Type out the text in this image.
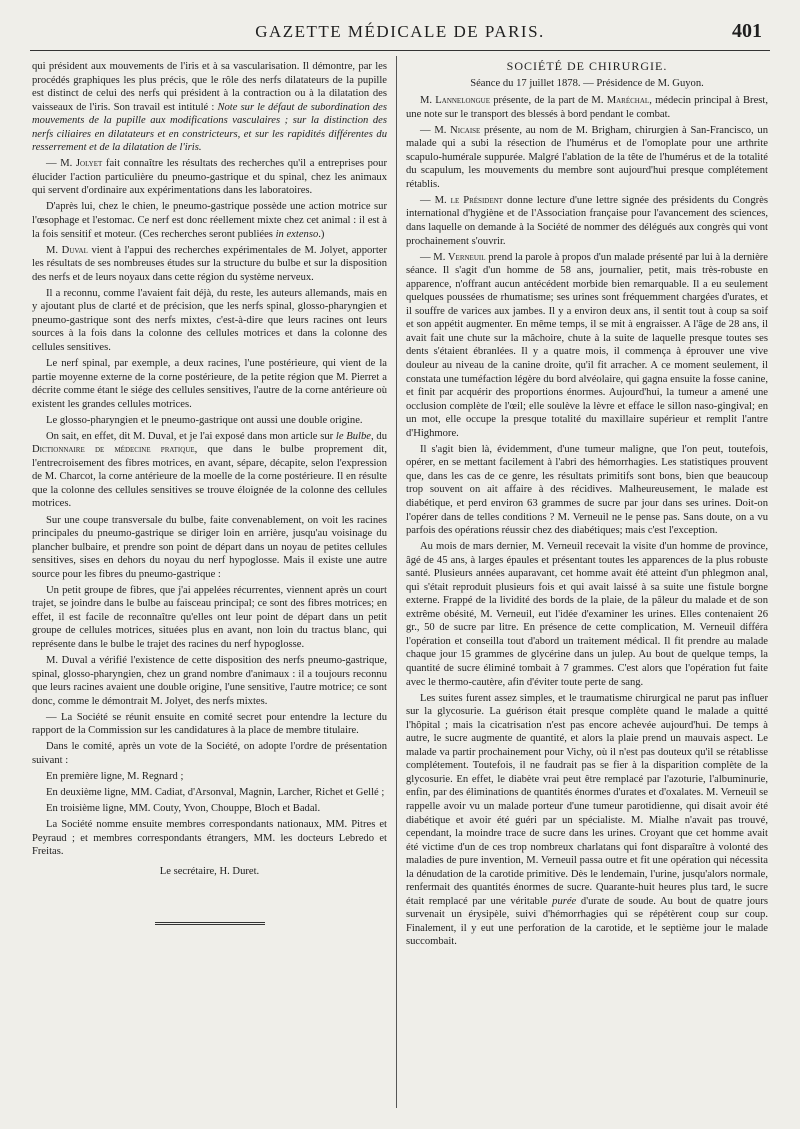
GAZETTE MÉDICALE DE PARIS.	401

qui président aux mouvements de l'iris et à sa vascularisation. Il démontre, par les procédés graphiques les plus précis, que le rôle des nerfs dilatateurs de la pupille est distinct de celui des nerfs qui président à la contraction ou à la dilatation des vaisseaux de l'iris. Son travail est intitulé : Note sur le défaut de subordination des mouvements de la pupille aux modifications vasculaires ; sur la distinction des nerfs ciliaires en dilatateurs et en constricteurs, et sur les rapidités différentes du resserrement et de la dilatation de l'iris.

— M. Jolyet fait connaître les résultats des recherches qu'il a entreprises pour élucider l'action particulière du pneumo-gastrique et du spinal, chez les animaux qui servent d'ordinaire aux expérimentations dans les laboratoires.

D'après lui, chez le chien, le pneumo-gastrique possède une action motrice sur l'œsophage et l'estomac. Ce nerf est donc réellement mixte chez cet animal : il est à la fois sensitif et moteur. (Ces recherches seront publiées in extenso.)

M. Duval vient à l'appui des recherches expérimentales de M. Jolyet, apporter les résultats de ses nombreuses études sur la structure du bulbe et sur la disposition des nerfs et de leurs noyaux dans cette région du système nerveux.

Il a reconnu, comme l'avaient fait déjà, du reste, les auteurs allemands, mais en y ajoutant plus de clarté et de précision, que les nerfs spinal, glosso-pharyngien et pneumo-gastrique sont des nerfs mixtes, c'est-à-dire que leurs racines ont leurs sources à la fois dans la colonne des cellules motrices et dans la colonne des cellules sensitives.

Le nerf spinal, par exemple, a deux racines, l'une postérieure, qui vient de la partie moyenne externe de la corne postérieure, de la petite région que M. Pierret a décrite comme étant le siége des cellules sensitives, l'autre de la corne antérieure où existent les grandes cellules motrices.

Le glosso-pharyngien et le pneumo-gastrique ont aussi une double origine.

On sait, en effet, dit M. Duval, et je l'ai exposé dans mon article sur le Bulbe, du Dictionnaire de médecine pratique, que dans le bulbe proprement dit, l'entrecroisement des fibres motrices, en avant, sépare, décapite, selon l'expression de M. Charcot, la corne antérieure de la moelle de la corne postérieure. Il en résulte que la colonne des cellules sensitives se trouve éloignée de la colonne des cellules motrices.

Sur une coupe transversale du bulbe, faite convenablement, on voit les racines principales du pneumo-gastrique se diriger loin en arrière, jusqu'au voisinage du plancher bulbaire, et prendre son point de départ dans un noyau de petites cellules sensitives, sises en dehors du noyau du nerf hypoglosse. Mais il existe une autre source pour les fibres du pneumo-gastrique :

Un petit groupe de fibres, que j'ai appelées récurrentes, viennent après un court trajet, se joindre dans le bulbe au faisceau principal; ce sont des fibres motrices; en effet, il est facile de reconnaître qu'elles ont leur point de départ dans un petit groupe de cellules motrices, situées plus en avant, non loin du tractus blanc, qui représente dans le bulbe le trajet des racines du nerf hypoglosse.

M. Duval a vérifié l'existence de cette disposition des nerfs pneumo-gastrique, spinal, glosso-pharyngien, chez un grand nombre d'animaux : il a toujours reconnu que leurs racines avaient une double origine, l'une sensitive, l'autre motrice; ce sont donc, comme le démontrait M. Jolyet, des nerfs mixtes.

— La Société se réunit ensuite en comité secret pour entendre la lecture du rapport de la Commission sur les candidatures à la place de membre titulaire.

Dans le comité, après un vote de la Société, on adopte l'ordre de présentation suivant :

En première ligne, M. Regnard ;

En deuxième ligne, MM. Cadiat, d'Arsonval, Magnin, Larcher, Richet et Gellé ;

En troisième ligne, MM. Couty, Yvon, Chouppe, Bloch et Badal.

La Société nomme ensuite membres correspondants nationaux, MM. Pitres et Peyraud ; et membres correspondants étrangers, MM. les docteurs Lebredo et Freitas.

Le secrétaire, H. Duret.

SOCIÉTÉ DE CHIRURGIE.

Séance du 17 juillet 1878. — Présidence de M. Guyon.

M. Lannelongue présente, de la part de M. Maréchal, médecin principal à Brest, une note sur le transport des blessés à bord pendant le combat.

— M. Nicaise présente, au nom de M. Brigham, chirurgien à San-Francisco, un malade qui a subi la résection de l'humérus et de l'omoplate pour une arthrite scapulo-humérale suppurée. Malgré l'ablation de la tête de l'humérus et de la totalité du scapulum, les mouvements du membre sont aujourd'hui presque complétement rétablis.

— M. le Président donne lecture d'une lettre signée des présidents du Congrès international d'hygiène et de l'Association française pour l'avancement des sciences, dans laquelle on demande à la Société de nommer des délégués aux congrès qui vont prochainement s'ouvrir.

— M. Verneuil prend la parole à propos d'un malade présenté par lui à la dernière séance. Il s'agit d'un homme de 58 ans, journalier, petit, mais très-robuste en apparence, n'offrant aucun antécédent morbide bien remarquable. Il a eu seulement quelques poussées de rhumatisme; ses urines sont fréquemment chargées d'urates, et il souffre de varices aux jambes. Il y a environ deux ans, il sentit tout à coup sa soif et son appétit augmenter. En même temps, il se mit à engraisser. A l'âge de 28 ans, il avait fait une chute sur la mâchoire, chute à la suite de laquelle presque toutes ses dents s'étaient ébranlées. Il y a quatre mois, il commença à éprouver une vive douleur au niveau de la canine droite, qu'il fit arracher. A ce moment seulement, il constata une tuméfaction légère du bord alvéolaire, qui gagna ensuite la fosse canine, et finit par acquérir des proportions énormes. Aujourd'hui, la tumeur a amené une occlusion complète de l'œil; elle soulève la lèvre et efface le sillon naso-gingival; en un mot, elle occupe la presque totalité du maxillaire supérieur et remplit l'antre d'Highmore.

Il s'agit bien là, évidemment, d'une tumeur maligne, que l'on peut, toutefois, opérer, en se mettant facilement à l'abri des hémorrhagies. Les statistiques prouvent que, dans les cas de ce genre, les résultats primitifs sont bons, bien que beaucoup trop souvent on ait affaire à des récidives. Malheureusement, le malade est diabétique, et perd environ 63 grammes de sucre par jour dans ses urines. Doit-on l'opérer dans de telles conditions ? M. Verneuil ne le pense pas. Sans doute, on a vu parfois des opérations réussir chez des diabétiques; mais c'est l'exception.

Au mois de mars dernier, M. Verneuil recevait la visite d'un homme de province, âgé de 45 ans, à larges épaules et présentant toutes les apparences de la plus robuste santé. Plusieurs années auparavant, cet homme avait été atteint d'un phlegmon anal, qui s'était reproduit plusieurs fois et qui avait laissé à sa suite une fistule borgne externe. Frappé de la lividité des bords de la plaie, de la pâleur du malade et de son extrême obésité, M. Verneuil, eut l'idée d'examiner les urines. Elles contenaient 26 gr., 50 de sucre par litre. En présence de cette complication, M. Verneuil différa l'opération et conseilla tout d'abord un traitement médical. Il fit prendre au malade chaque jour 15 grammes de glycérine dans un julep. Au bout de quelque temps, la quantité de sucre éliminé tombait à 7 grammes. C'est alors que l'opération fut faite avec le thermo-cautère, afin d'éviter toute perte de sang.

Les suites furent assez simples, et le traumatisme chirurgical ne parut pas influer sur la glycosurie. La guérison était presque complète quand le malade a quitté l'hôpital ; mais la cicatrisation n'est pas encore achevée aujourd'hui. De temps à autre, le sucre augmente de quantité, et alors la plaie prend un mauvais aspect. Le malade va partir prochainement pour Vichy, où il n'est pas douteux qu'il se rétablisse complétement. Toutefois, il ne faudrait pas se fier à la disparition complète de la glycosurie. En effet, le diabète vrai peut être remplacé par l'azoturie, l'albuminurie, enfin, par des éliminations de quantités énormes d'urates et d'oxalates. M. Verneuil se rappelle avoir vu un malade porteur d'une tumeur parotidienne, qui disait avoir été diabétique et avoir été guéri par un spécialiste. M. Mialhe n'avait pas trouvé, cependant, la moindre trace de sucre dans les urines. Croyant que cet homme avait été victime d'un de ces trop nombreux charlatans qui font disparaître à volonté des maladies de pure invention, M. Verneuil passa outre et fit une opération qui nécessita la dénudation de la carotide primitive. Dès le lendemain, l'urine, jusqu'alors normale, renfermait des quantités énormes de sucre. Quarante-huit heures plus tard, le sucre était remplacé par une véritable purée d'urate de soude. Au bout de quatre jours survenait un érysipèle, suivi d'hémorrhagies qui se répétèrent coup sur coup. Finalement, il y eut une perforation de la carotide, et le septième jour le malade succombait.
